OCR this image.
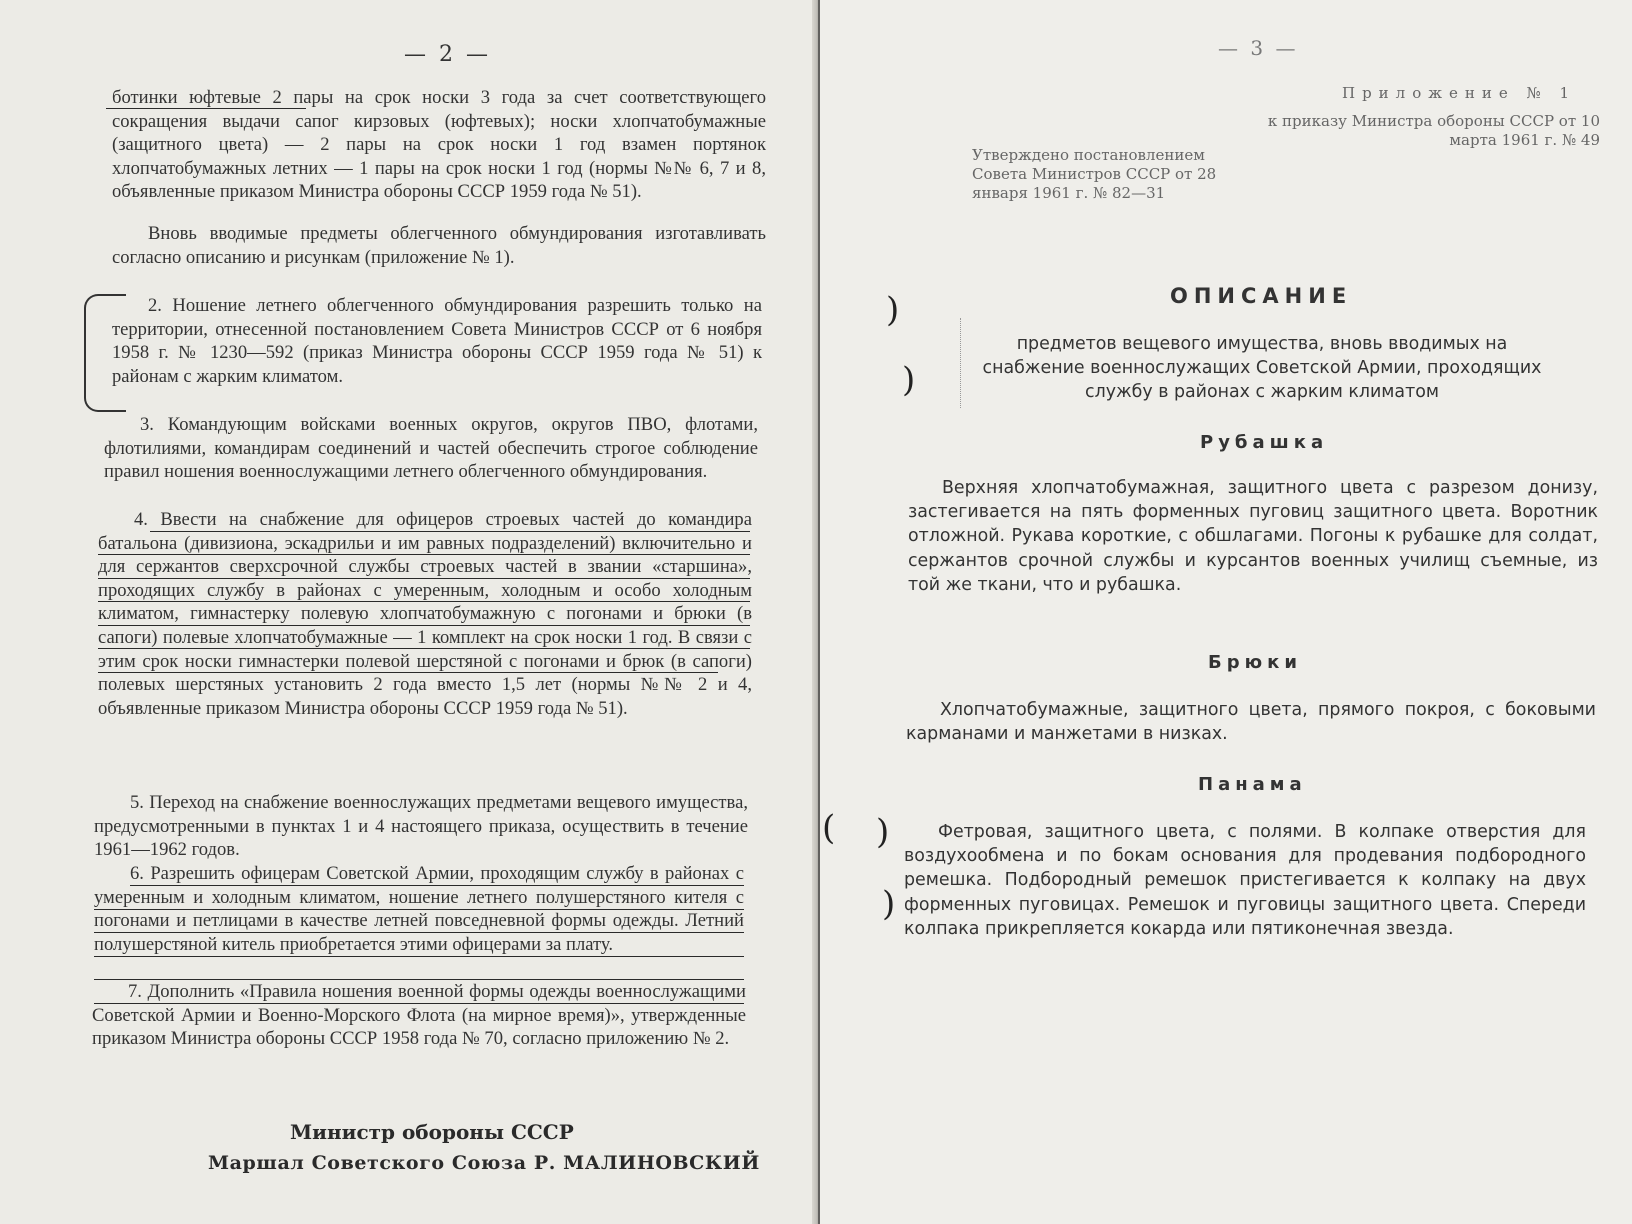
— 2 —

ботинки юфтевые 2 пары на срок носки 3 года за счет соответствующего сокращения выдачи сапог кирзовых (юфтевых); носки хлопчатобумажные (защитного цвета) — 2 пары на срок носки 1 год взамен портянок хлопчатобумажных летних — 1 пары на срок носки 1 год (нормы №№ 6, 7 и 8, объявленные приказом Министра обороны СССР 1959 года № 51).

Вновь вводимые предметы облегченного обмундирования изготавливать согласно описанию и рисункам (приложение № 1).

2. Ношение летнего облегченного обмундирования разрешить только на территории, отнесенной постановлением Совета Министров СССР от 6 ноября 1958 г. № 1230—592 (приказ Министра обороны СССР 1959 года № 51) к районам с жарким климатом.

3. Командующим войсками военных округов, округов ПВО, флотами, флотилиями, командирам соединений и частей обеспечить строгое соблюдение правил ношения военнослужащими летнего облегченного обмундирования.

4. Ввести на снабжение для офицеров строевых частей до командира батальона (дивизиона, эскадрильи и им равных подразделений) включительно и для сержантов сверхсрочной службы строевых частей в звании «старшина», проходящих службу в районах с умеренным, холодным и особо холодным климатом, гимнастерку полевую хлопчатобумажную с погонами и брюки (в сапоги) полевые хлопчатобумажные — 1 комплект на срок носки 1 год. В связи с этим срок носки гимнастерки полевой шерстяной с погонами и брюк (в сапоги) полевых шерстяных установить 2 года вместо 1,5 лет (нормы №№ 2 и 4, объявленные приказом Министра обороны СССР 1959 года № 51).

5. Переход на снабжение военнослужащих предметами вещевого имущества, предусмотренными в пунктах 1 и 4 настоящего приказа, осуществить в течение 1961—1962 годов.

6. Разрешить офицерам Советской Армии, проходящим службу в районах с умеренным и холодным климатом, ношение летнего полушерстяного кителя с погонами и петлицами в качестве летней повседневной формы одежды. Летний полушерстяной китель приобретается этими офицерами за плату.

7. Дополнить «Правила ношения военной формы одежды военнослужащими Советской Армии и Военно-Морского Флота (на мирное время)», утвержденные приказом Министра обороны СССР 1958 года № 70, согласно приложению № 2.

Министр обороны СССР
Маршал Советского Союза Р. МАЛИНОВСКИЙ
— 3 —
Приложение № 1
к приказу Министра обороны СССР от 10 марта 1961 г. № 49
Утверждено постановлением Совета Министров СССР от 28 января 1961 г. № 82—31
ОПИСАНИЕ
предметов вещевого имущества, вновь вводимых на снабжение военнослужащих Советской Армии, проходящих службу в районах с жарким климатом
)
)
)
)
(
Рубашка

Верхняя хлопчатобумажная, защитного цвета с разрезом донизу, застегивается на пять форменных пуговиц защитного цвета. Воротник отложной. Рукава короткие, с обшлагами. Погоны к рубашке для солдат, сержантов срочной службы и курсантов военных училищ съемные, из той же ткани, что и рубашка.

Брюки

Хлопчатобумажные, защитного цвета, прямого покроя, с боковыми карманами и манжетами в низках.

Панама

Фетровая, защитного цвета, с полями. В колпаке отверстия для воздухообмена и по бокам основания для продевания подбородного ремешка. Подбородный ремешок пристегивается к колпаку на двух форменных пуговицах. Ремешок и пуговицы защитного цвета. Спереди колпака прикрепляется кокарда или пятиконечная звезда.
